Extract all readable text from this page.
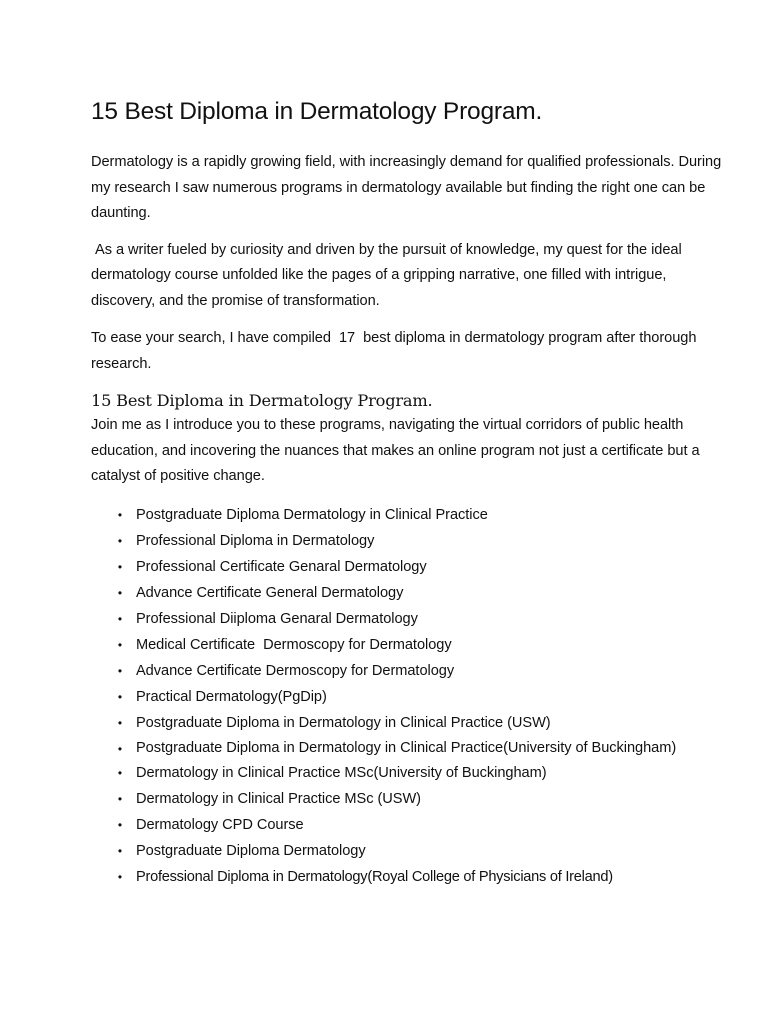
15 Best Diploma in Dermatology Program.

Dermatology is a rapidly growing field, with increasingly demand for qualified professionals. During my research I saw numerous programs in dermatology available but finding the right one can be daunting.

As a writer fueled by curiosity and driven by the pursuit of knowledge, my quest for the ideal dermatology course unfolded like the pages of a gripping narrative, one filled with intrigue, discovery, and the promise of transformation.

To ease your search, I have compiled  17  best diploma in dermatology program after thorough research.

15 Best Diploma in Dermatology Program.

Join me as I introduce you to these programs, navigating the virtual corridors of public health education, and incovering the nuances that makes an online program not just a certificate but a catalyst of positive change.

• Postgraduate Diploma Dermatology in Clinical Practice
• Professional Diploma in Dermatology
• Professional Certificate Genaral Dermatology
• Advance Certificate General Dermatology
• Professional Diiploma Genaral Dermatology
• Medical Certificate  Dermoscopy for Dermatology
• Advance Certificate Dermoscopy for Dermatology
• Practical Dermatology(PgDip)
• Postgraduate Diploma in Dermatology in Clinical Practice (USW)
• Postgraduate Diploma in Dermatology in Clinical Practice(University of Buckingham)
• Dermatology in Clinical Practice MSc(University of Buckingham)
• Dermatology in Clinical Practice MSc (USW)
• Dermatology CPD Course
• Postgraduate Diploma Dermatology
• Professional Diploma in Dermatology(Royal College of Physicians of Ireland)
